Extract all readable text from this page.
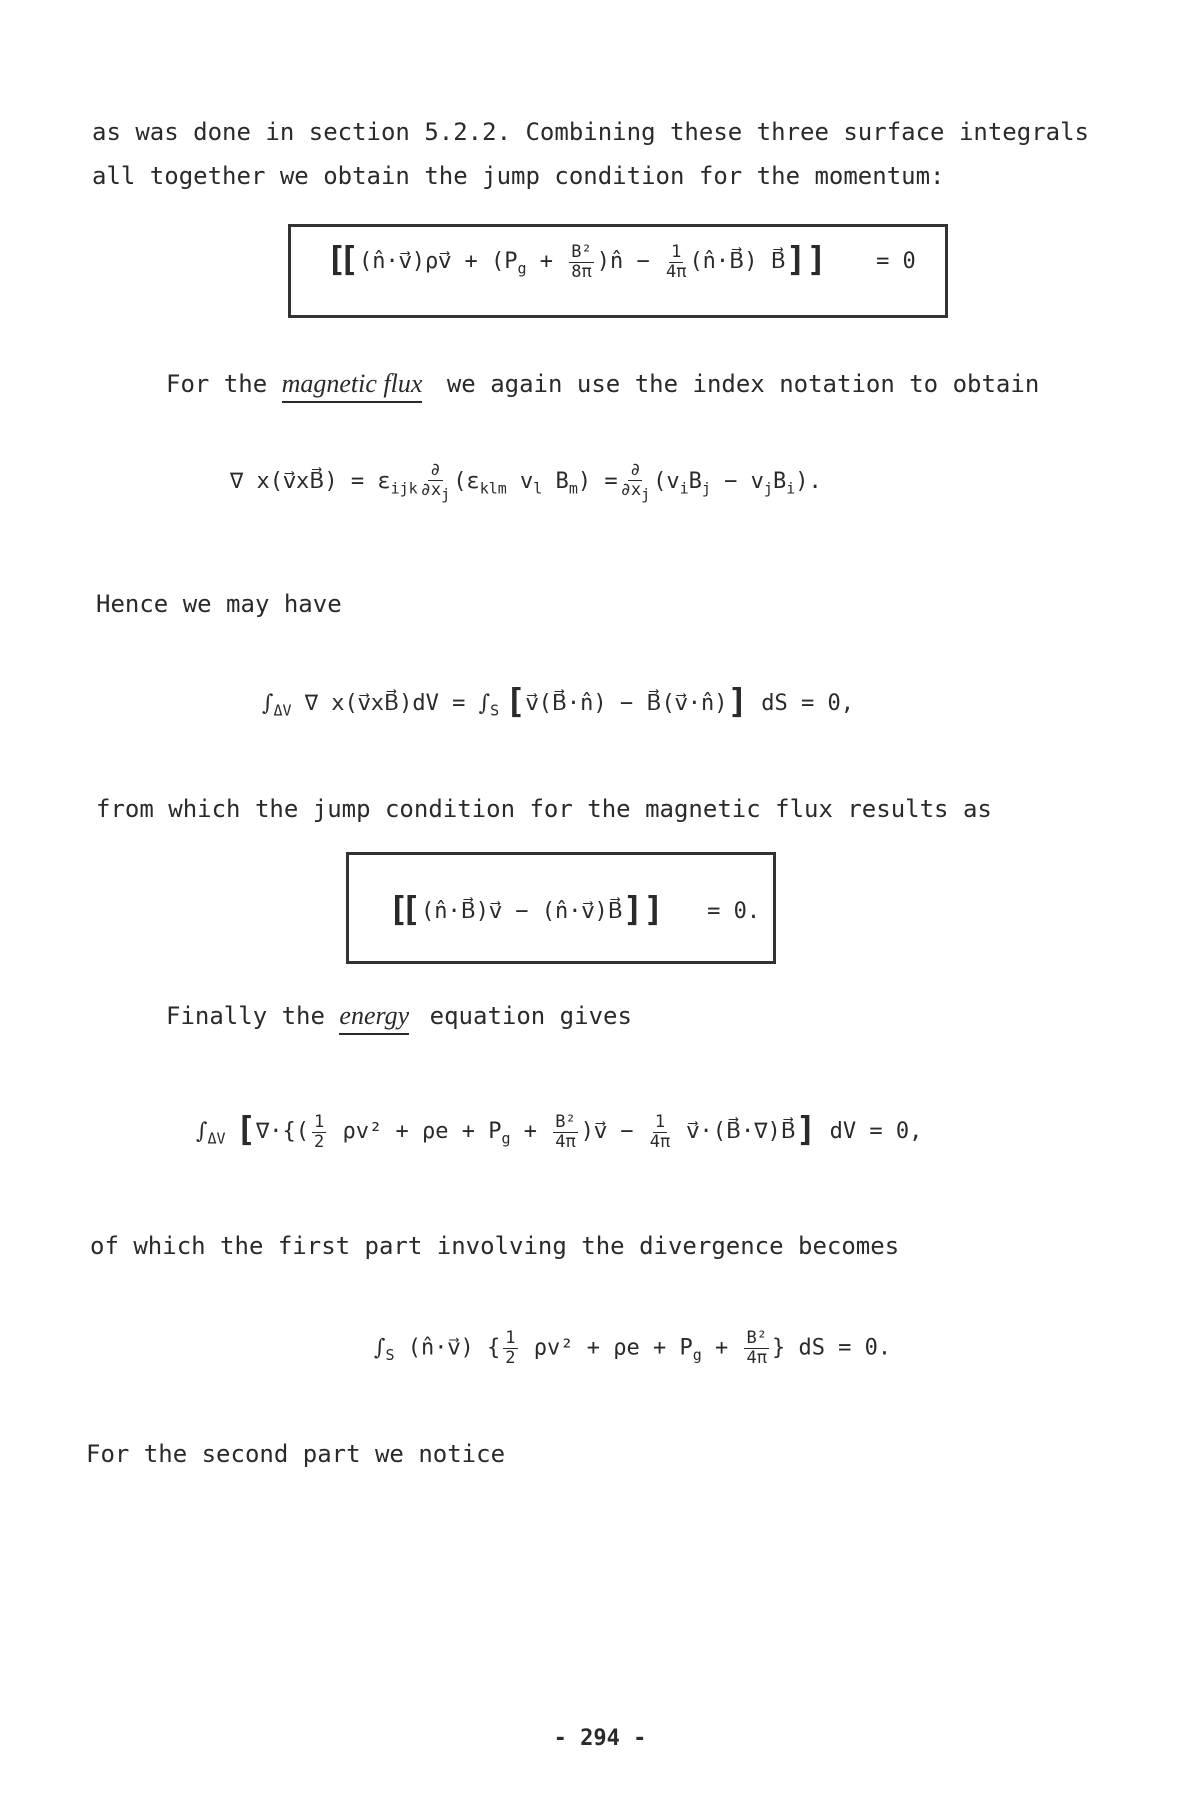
as was done in section 5.2.2. Combining these three surface integrals
all together we obtain the jump condition for the momentum:
[[ (n̂·v⃗)ρv⃗ + ($P_g + \frac{\text{B²}}{8\pi}$ )n̂ − $\frac{1}{4\pi}$ (n̂·B⃗) B⃗]] = 0
For the magnetic flux we again use the index notation to obtain
∇ x(v⃗xB⃗) = $\varepsilon_{ijk} \frac{\partial}{\partial x_j} (\varepsilon_{klm}$ $v_l$ $B_m) = \frac{\partial}{\partial x_j} (v_iB_j - v_jB_i)$.
Hence we may have
$\int_{\Delta V}$ ∇ x(v⃗xB⃗)dV = $\int_S$ [v⃗(B⃗·n̂) − B⃗(v⃗·n̂)] dS = 0,
from which the jump condition for the magnetic flux results as
[[ (n̂·B⃗)v⃗ − (n̂·v⃗)B⃗]] = 0.
Finally the energy equation gives
$\int_{\Delta V}$ [∇·{( $\frac{1}{2} \rho v^2 + \rho e + P_g + \frac{\text{B²}}{4\pi}$ )v⃗ − $\frac{1}{4\pi}$ v⃗·(B⃗·∇)B⃗] dV = 0,
of which the first part involving the divergence becomes
$\int_S$ (n̂·v⃗) { $\frac{1}{2} \rho v^2 + \rho e + P_g + \frac{\text{B²}}{4\pi}$ } dS = 0.
For the second part we notice
- 294 -
